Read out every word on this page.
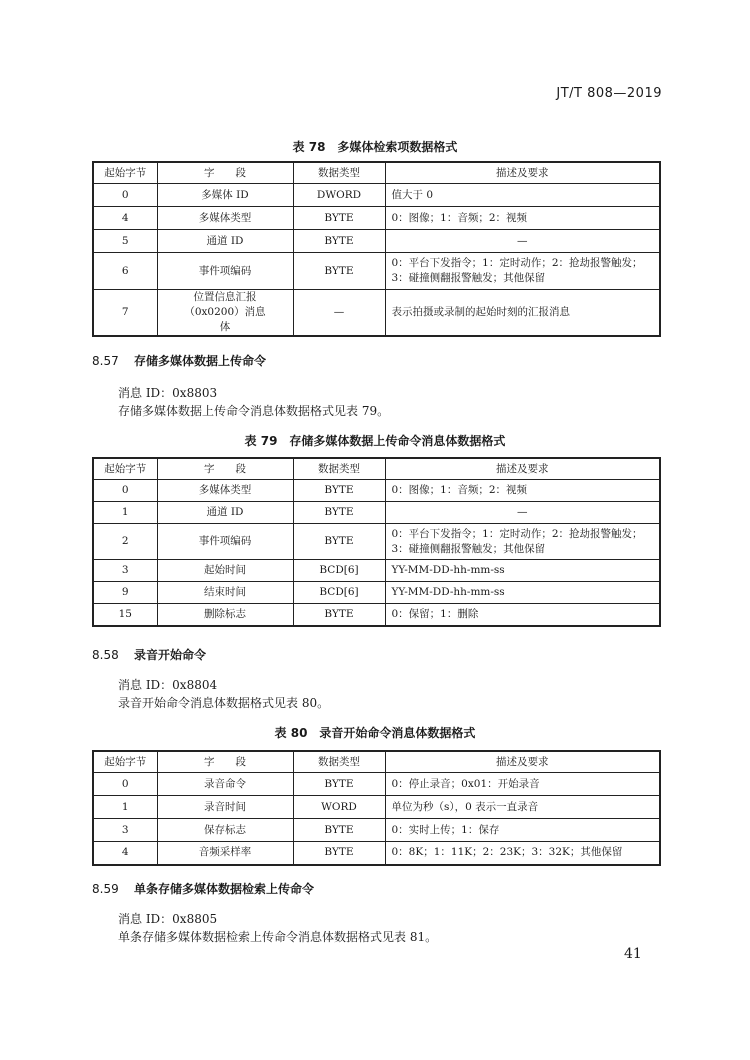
JT/T 808—2019
表 78　多媒体检索项数据格式
起始字节	字　　段	数据类型	描述及要求
0	多媒体 ID	DWORD	值大于 0
4	多媒体类型	BYTE	0：图像；1：音频；2：视频
5	通道 ID	BYTE	—
6	事件项编码	BYTE	0：平台下发指令；1：定时动作；2：抢劫报警触发；3：碰撞侧翻报警触发；其他保留
7	位置信息汇报（0x0200）消息体	—	表示拍摄或录制的起始时刻的汇报消息
8.57 存储多媒体数据上传命令
消息 ID：0x8803
存储多媒体数据上传命令消息体数据格式见表 79。
表 79　存储多媒体数据上传命令消息体数据格式
起始字节	字　　段	数据类型	描述及要求
0	多媒体类型	BYTE	0：图像；1：音频；2：视频
1	通道 ID	BYTE	—
2	事件项编码	BYTE	0：平台下发指令；1：定时动作；2：抢劫报警触发；3：碰撞侧翻报警触发；其他保留
3	起始时间	BCD[6]	YY-MM-DD-hh-mm-ss
9	结束时间	BCD[6]	YY-MM-DD-hh-mm-ss
15	删除标志	BYTE	0：保留；1：删除
8.58 录音开始命令
消息 ID：0x8804
录音开始命令消息体数据格式见表 80。
表 80　录音开始命令消息体数据格式
起始字节	字　　段	数据类型	描述及要求
0	录音命令	BYTE	0：停止录音；0x01：开始录音
1	录音时间	WORD	单位为秒（s），0 表示一直录音
3	保存标志	BYTE	0：实时上传；1：保存
4	音频采样率	BYTE	0：8K；1：11K；2：23K；3：32K；其他保留
8.59 单条存储多媒体数据检索上传命令
消息 ID：0x8805
单条存储多媒体数据检索上传命令消息体数据格式见表 81。
41
